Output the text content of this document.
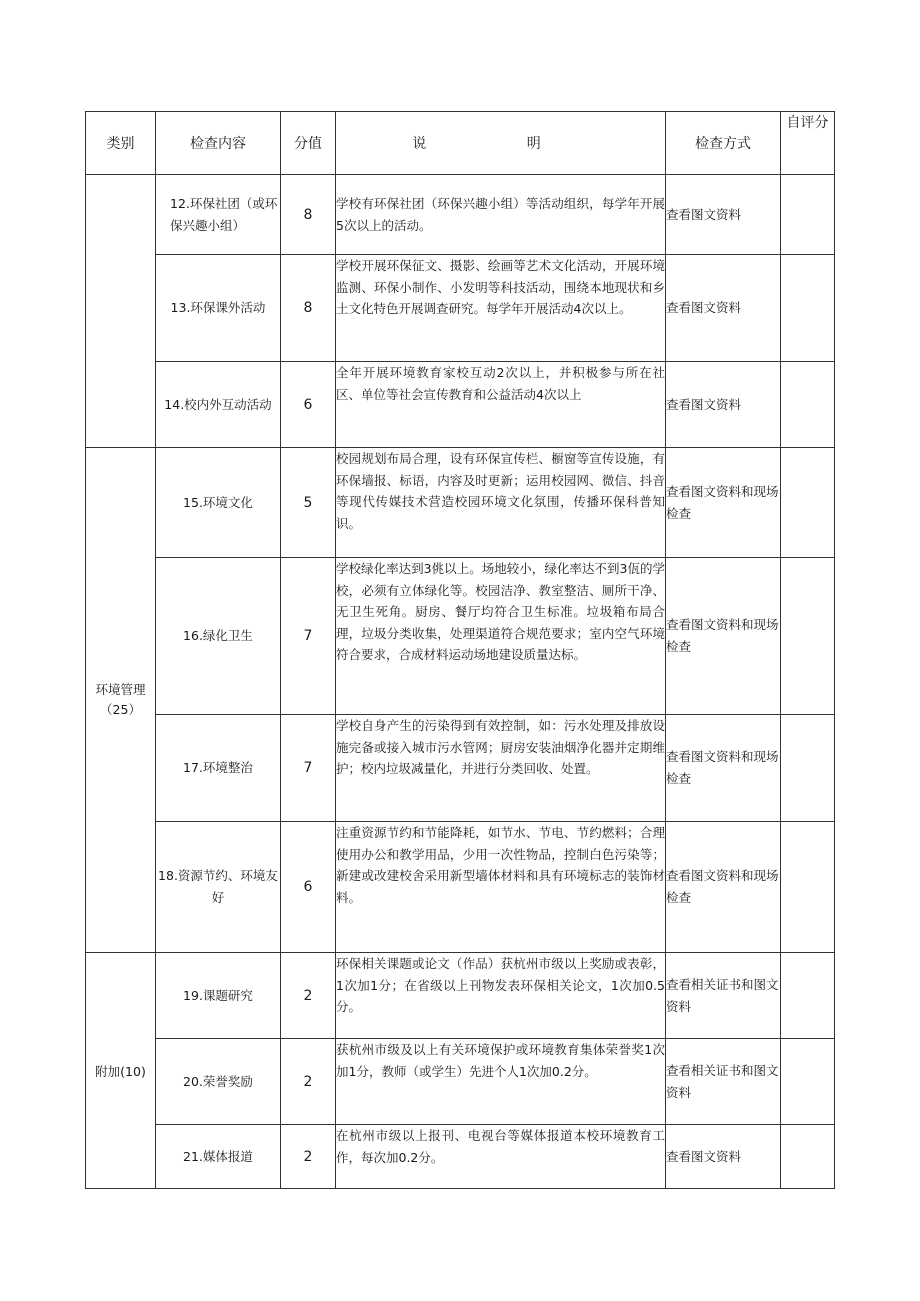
类别	检查内容	分值	说 明	检查方式	自评分
	12.环保社团（或环保兴趣小组）	8	学校有环保社团（环保兴趣小组）等活动组织，每学年开展5次以上的活动。	查看图文资料	
	13.环保课外活动	8	学校开展环保征文、摄影、绘画等艺术文化活动，开展环境监测、环保小制作、小发明等科技活动，围绕本地现状和乡土文化特色开展调查研究。每学年开展活动4次以上。	查看图文资料	
	14.校内外互动活动	6	全年开展环境教育家校互动2次以上，并积极参与所在社区、单位等社会宣传教育和公益活动4次以上	查看图文资料	
环境管理（25）	15.环境文化	5	校园规划布局合理，设有环保宣传栏、橱窗等宣传设施，有环保墙报、标语，内容及时更新；运用校园网、微信、抖音等现代传媒技术营造校园环境文化氛围，传播环保科普知识。	查看图文资料和现场检查	
	16.绿化卫生	7	学校绿化率达到3佻以上。场地较小，绿化率达不到3佤的学校，必须有立体绿化等。校园洁净、教室整洁、厕所干净、无卫生死角。厨房、餐厅均符合卫生标准。垃圾箱布局合理，垃圾分类收集，处理渠道符合规范要求；室内空气环境符合要求，合成材料运动场地建设质量达标。	查看图文资料和现场检查	
	17.环境整治	7	学校自身产生的污染得到有效控制，如：污水处理及排放设施完备或接入城市污水管网；厨房安装油烟净化器并定期维护；校内垃圾减量化，并进行分类回收、处置。	查看图文资料和现场检查	
	18.资源节约、环境友好	6	注重资源节约和节能降耗，如节水、节电、节约燃料；合理使用办公和教学用品，少用一次性物品，控制白色污染等；新建或改建校舍采用新型墙体材料和具有环境标志的装饰材料。	查看图文资料和现场检查	
附加(10)	19.课题研究	2	环保相关课题或论文（作品）获杭州市级以上奖励或表彰，1次加1分；在省级以上刊物发表环保相关论文，1次加0.5分。	查看相关证书和图文资料	
	20.荣誉奖励	2	获杭州市级及以上有关环境保护或环境教育集体荣誉奖1次加1分，教师（或学生）先进个人1次加0.2分。	查看相关证书和图文资料	
	21.媒体报道	2	在杭州市级以上报刊、电视台等媒体报道本校环境教育工作，每次加0.2分。	查看图文资料	
